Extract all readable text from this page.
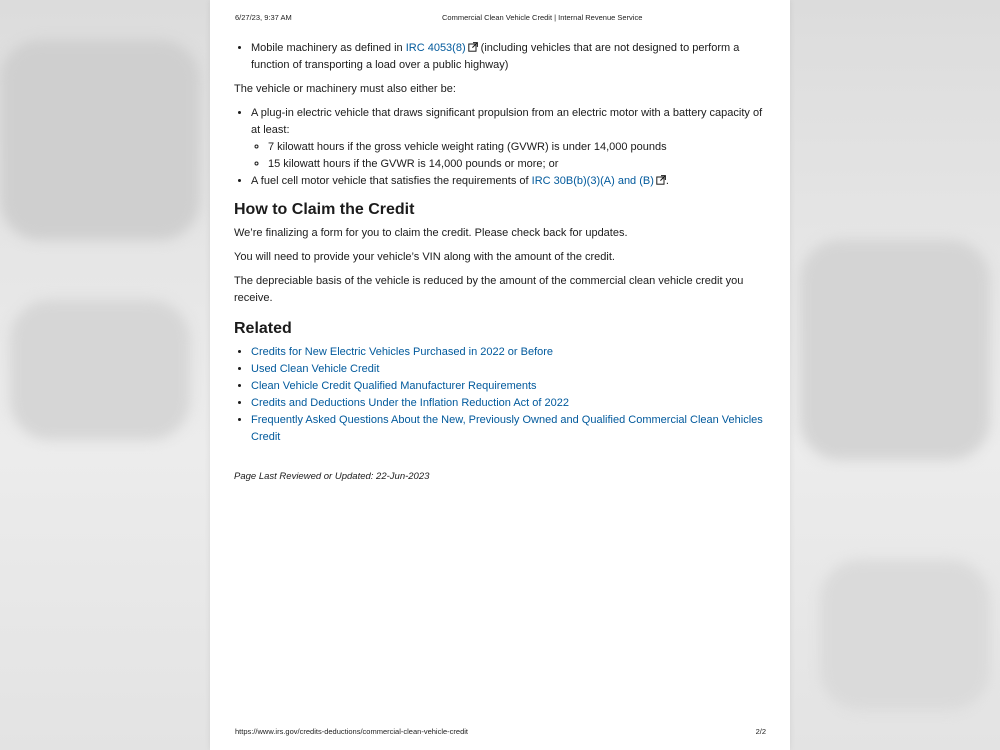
6/27/23, 9:37 AM	Commercial Clean Vehicle Credit | Internal Revenue Service
• Mobile machinery as defined in IRC 4053(8) (including vehicles that are not designed to perform a function of transporting a load over a public highway)

The vehicle or machinery must also either be:

• A plug-in electric vehicle that draws significant propulsion from an electric motor with a battery capacity of at least:
◦ 7 kilowatt hours if the gross vehicle weight rating (GVWR) is under 14,000 pounds
◦ 15 kilowatt hours if the GVWR is 14,000 pounds or more; or
• A fuel cell motor vehicle that satisfies the requirements of IRC 30B(b)(3)(A) and (B) .
How to Claim the Credit

We’re finalizing a form for you to claim the credit. Please check back for updates.

You will need to provide your vehicle’s VIN along with the amount of the credit.

The depreciable basis of the vehicle is reduced by the amount of the commercial clean vehicle credit you receive.

Related
• Credits for New Electric Vehicles Purchased in 2022 or Before
• Used Clean Vehicle Credit
• Clean Vehicle Credit Qualified Manufacturer Requirements
• Credits and Deductions Under the Inflation Reduction Act of 2022
• Frequently Asked Questions About the New, Previously Owned and Qualified Commercial Clean Vehicles Credit

Page Last Reviewed or Updated: 22-Jun-2023

https://www.irs.gov/credits-deductions/commercial-clean-vehicle-credit	2/2
